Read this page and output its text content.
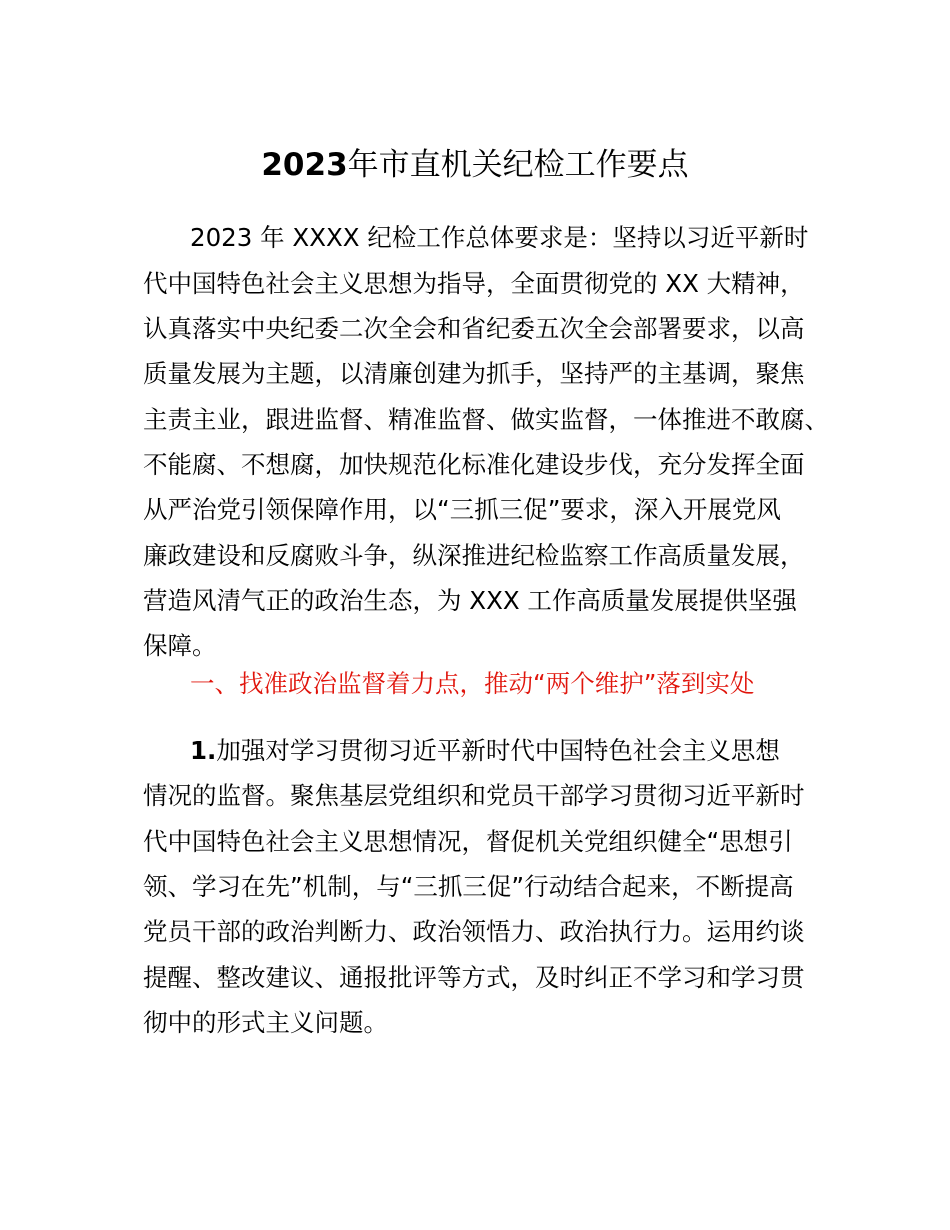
2023年市直机关纪检工作要点
2023 年 XXXX 纪检工作总体要求是：坚持以习近平新时
代中国特色社会主义思想为指导，全面贯彻党的 XX 大精神，
认真落实中央纪委二次全会和省纪委五次全会部署要求，以高
质量发展为主题，以清廉创建为抓手，坚持严的主基调，聚焦
主责主业，跟进监督、精准监督、做实监督，一体推进不敢腐、
不能腐、不想腐，加快规范化标准化建设步伐，充分发挥全面
从严治党引领保障作用，以“三抓三促”要求，深入开展党风
廉政建设和反腐败斗争，纵深推进纪检监察工作高质量发展，
营造风清气正的政治生态，为 XXX 工作高质量发展提供坚强
保障。
一、找准政治监督着力点，推动“两个维护”落到实处
1.加强对学习贯彻习近平新时代中国特色社会主义思想
情况的监督。聚焦基层党组织和党员干部学习贯彻习近平新时
代中国特色社会主义思想情况，督促机关党组织健全“思想引
领、学习在先”机制，与“三抓三促”行动结合起来，不断提高
党员干部的政治判断力、政治领悟力、政治执行力。运用约谈
提醒、整改建议、通报批评等方式，及时纠正不学习和学习贯
彻中的形式主义问题。
